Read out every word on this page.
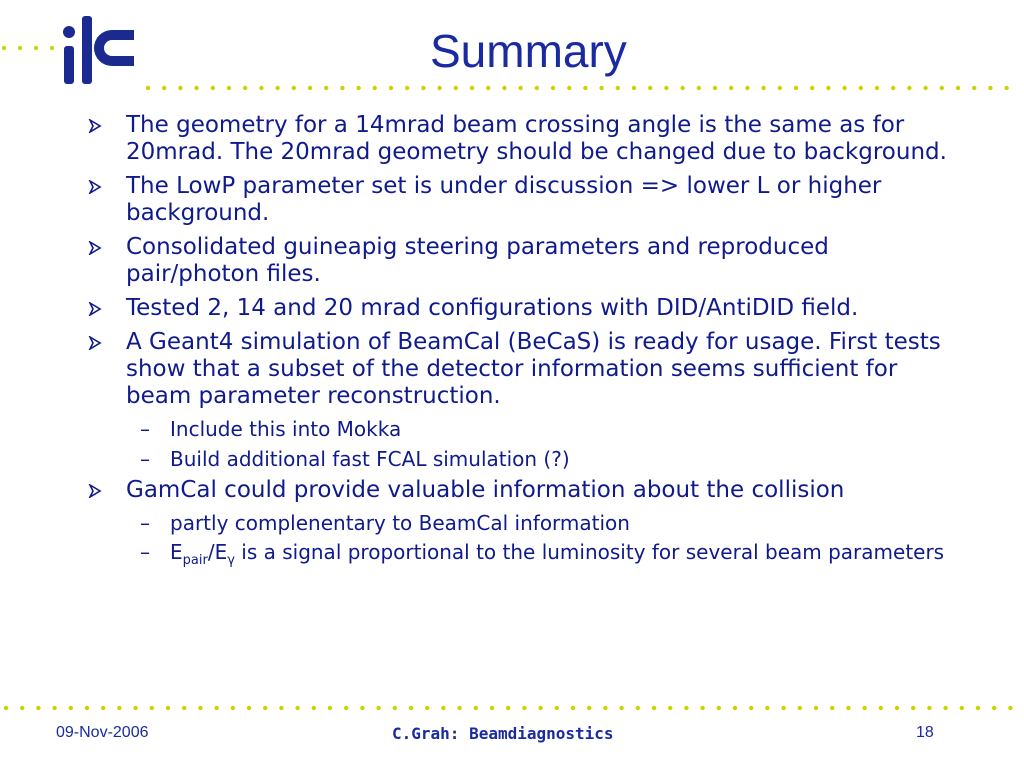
Summary
The geometry for a 14mrad beam crossing angle is the same as for 20mrad. The 20mrad geometry should be changed due to background.
The LowP parameter set is under discussion => lower L or higher background.
Consolidated guineapig steering parameters and reproduced pair/photon files.
Tested 2, 14 and 20 mrad configurations with DID/AntiDID field.
A Geant4 simulation of BeamCal (BeCaS) is ready for usage. First tests show that a subset of the detector information seems sufficient for beam parameter reconstruction.
– Include this into Mokka
– Build additional fast FCAL simulation (?)
GamCal could provide valuable information about the collision
– partly complenentary to BeamCal information
– $E_{pair}/E_\gamma$ is a signal proportional to the luminosity for several beam parameters
09-Nov-2006	C.Grah: Beamdiagnostics	18
